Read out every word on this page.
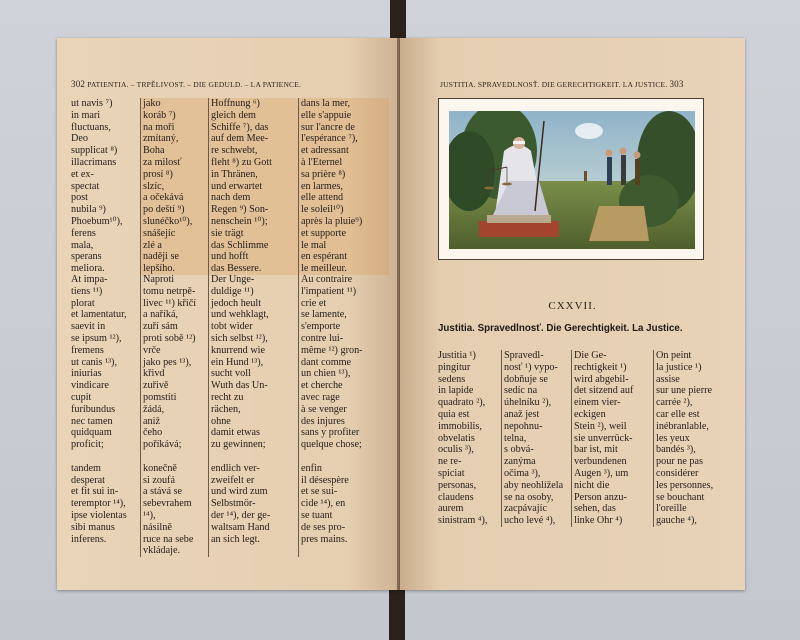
302 PATIENTIA. – TRPĚLIVOST. – DIE GEDULD. – LA PATIENCE.
ut navis ⁷)
in mari
fluctuans,
Deo
supplicat ⁸)
illacrimans
et ex-
spectat
post
nubila ⁹)
Phoebum¹⁰),
ferens
mala,
sperans
meliora.
jako
koráb ⁷)
na moři
zmítaný,
Boha
za milosť
prosí ⁸)
slzíc,
a očekává
po deští ⁹)
slunéčko¹⁰),
snášejíc
zlé a
naději se
lepšího.
Hoffnung ⁶)
gleich dem
Schiffe ⁷), das
auf dem Mee-
re schwebt,
fleht ⁸) zu Gott
in Thränen,
und erwartet
nach dem
Regen ⁹) Son-
nenschein ¹⁰);
sie trägt
das Schlimme
und hofft
das Bessere.
dans la mer,
elle s'appuie
sur l'ancre de
l'espérance ⁷),
et adressant
à l'Eternel
sa prière ⁸)
en larmes,
elle attend
le soleil¹⁰)
après la pluie⁹)
et supporte
le mal
en espérant
le meilleur.
At impa-
tiens ¹¹)
plorat
et lamentatur,
saevit in
se ipsum ¹²),
fremens
ut canis ¹³),
iniurias
vindicare
cupit
furibundus
nec tamen
quidquam
proficit;

tandem
desperat
et fit sui in-
teremptor ¹⁴),
ipse violentas
sibi manus
inferens.
Naproti
tomu netrpě-
livec ¹¹) křičí
a naříká,
zuří sám
proti sobě ¹²)
vrče
jako pes ¹³),
křivd
zuřivě
pomstíti
žádá,
aniž
čeho
poříkává;

konečně
si zoufá
a stává se
sebevrahem ¹⁴),
násilně
ruce na sebe
vkládaje.
Der Unge-
duldige ¹¹)
jedoch heult
und wehklagt,
tobt wider
sich selbst ¹²),
knurrend wie
ein Hund ¹³),
sucht voll
Wuth das Un-
recht zu
rächen,
ohne
damit etwas
zu gewinnen;

endlich ver-
zweifelt er
und wird zum
Selbstmör-
der ¹⁴), der ge-
waltsam Hand
an sich legt.
Au contraire
l'impatient ¹¹)
crie et
se lamente,
s'emporte
contre lui-
même ¹²) gron-
dant comme
un chien ¹³),
et cherche
avec rage
à se venger
des injures
sans y profiter
quelque chose;

enfin
il désespère
et se sui-
cide ¹⁴), en
se tuant
de ses pro-
pres mains.
JUSTITIA. SPRAVEDLNOSŤ. DIE GERECHTIGKEIT. LA JUSTICE. 303
CXXVII.
Justitia. Spravedlnosť. Die Gerechtigkeit. La Justice.
Justitia ¹)
pingitur
sedens
in lapide
quadrato ²),
quia est
immobilis,
obvelatis
oculis ³),
ne re-
spiciat
personas,
claudens
aurem
sinistram ⁴),
Spravedl-
nosť ¹) vypo-
dobňuje se
sedíc na
úhelníku ²),
anaž jest
nepohnu-
telna,
s obvá-
zanýma
očima ³),
aby neohlížela
se na osoby,
zacpávajíc
ucho levé ⁴),
Die Ge-
rechtigkeit ¹)
wird abgebil-
det sitzend auf
einem vier-
eckigen
Stein ²), weil
sie unverrück-
bar ist, mit
verbundenen
Augen ³), um
nicht die
Person anzu-
sehen, das
linke Ohr ⁴)
On peint
la justice ¹)
assise
sur une pierre
carrée ²),
car elle est
inébranlable,
les yeux
bandés ³),
pour ne pas
considérer
les personnes,
se bouchant
l'oreille
gauche ⁴),
